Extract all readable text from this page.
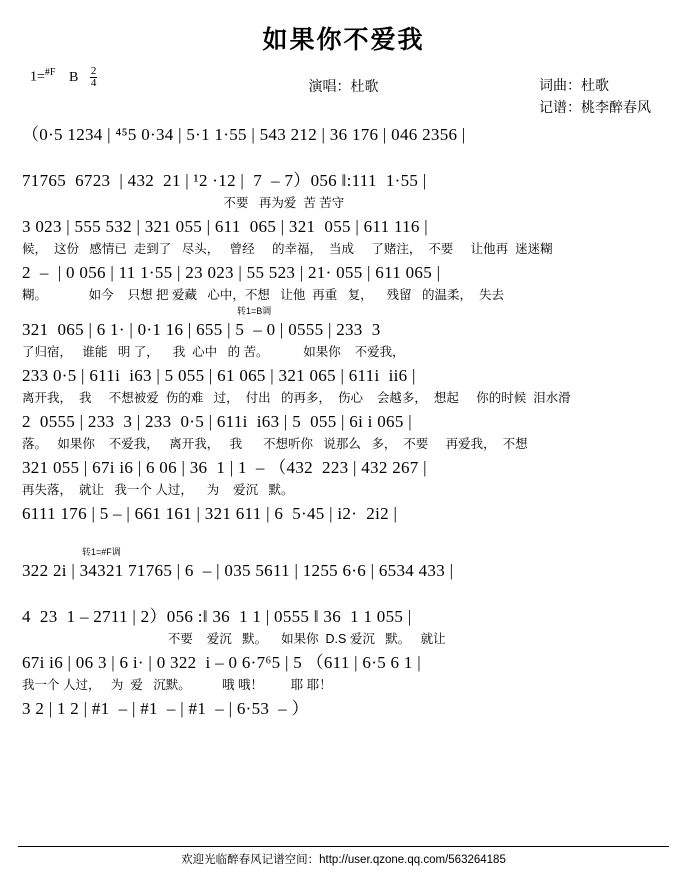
如果你不爱我
1=$^{\#F}$ B $\frac{2}{4}$	演唱：杜歌	词曲：杜歌
记谱：桃李醉春风
（0·5 1234 | ⁴⁵5 0·34 | 5·1 1·55 | 543 212 | 36 176 | 046 2356 |
71765  6723  | 432  21 | ¹2 ·12 |  7  – 7）056 ‖:111  1·55 |
不要   再为爱  苦 苦守
3 023 | 555 532 | 321 055 | 611  065 | 321  055 | 611 116 |
候，  这份   感情已  走到了   尽头，   曾经     的幸福，  当成     了赌注，  不要     让他再  迷迷糊
2  –  | 0 056 | 11 1·55 | 23 023 | 55 523 | 21· 055 | 611 065 |
糊。            如今    只想 把 爱藏   心中，不想   让他  再重   复，    残留   的温柔，  失去
转1=B调
321  065 | 6 1· | 0·1 16 | 655 | 5  – 0 | 0555 | 233  3
了归宿，   谁能   明 了，    我  心中   的 苦。          如果你    不爱我，
233 0·5 | 611i  i63 | 5 055 | 61 065 | 321 065 | 611i  ii6 |
离开我，  我     不想被爱  伤的难   过，  付出   的再多，  伤心    会越多，  想起     你的时候  泪水滑
2  0555 | 233  3 | 233  0·5 | 611i  i63 | 5  055 | 6i i 065 |
落。   如果你    不爱我，   离开我，   我      不想听你   说那么   多，  不要     再爱我，  不想
321 055 | 67i i6 | 6 06 | 36  1 | 1  – （432  223 | 432 267 |
再失落，  就让   我一个 人过，    为    爱沉   默。
6111 176 | 5 – | 661 161 | 321 611 | 6  5·45 | i2·  2i2 |
转1=#F调
322 2i | 34321 71765 | 6  – | 035 5611 | 1255 6·6 | 6534 433 |
4  23  1 – 2711 | 2）056 :‖ 36  1 1 | 0555 ‖ 36  1 1 055 |
不要    爱沉   默。    如果你  D.S 爱沉   默。   就让
67i i6 | 06 3 | 6 i· | 0 322  i – 0 6·7⁶5 | 5 （611 | 6·5 6 1 |
我一个 人过，   为  爱   沉默。         哦 哦！        耶 耶！
3 2 | 1 2 | #1  – | #1  – | #1  – | 6·53  – ）
欢迎光临醉春风记谱空间：http://user.qzone.qq.com/563264185
